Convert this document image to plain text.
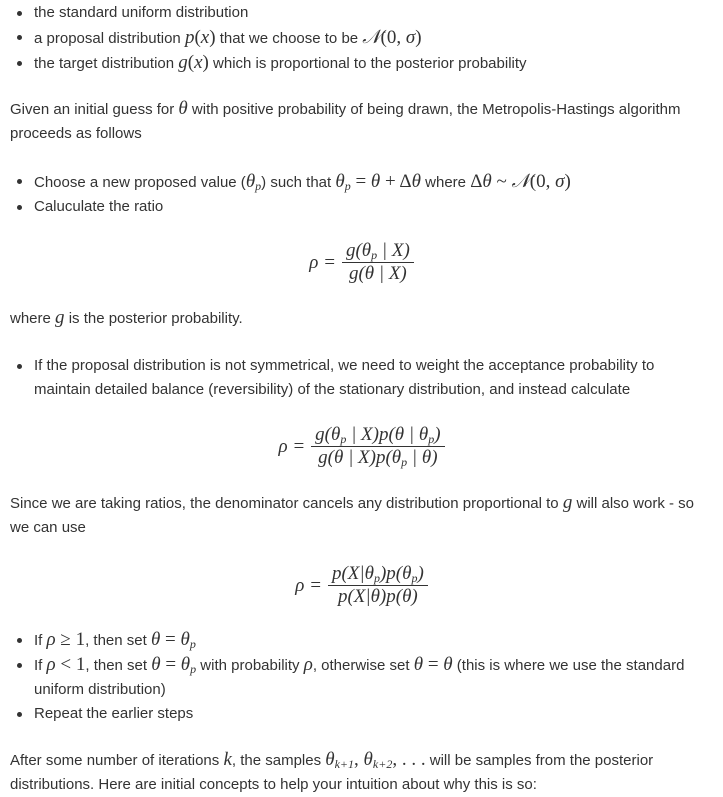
the standard uniform distribution
a proposal distribution p(x) that we choose to be 𝒩(0, σ)
the target distribution g(x) which is proportional to the posterior probability

Given an initial guess for θ with positive probability of being drawn, the Metropolis-Hastings algorithm proceeds as follows

Choose a new proposed value $(\theta_p)$ such that $\theta_p = \theta + \Delta\theta$ where Δθ ~ 𝒩(0, σ)
Caluculate the ratio
$\rho = \frac{g(\theta_p | X)}{g(\theta | X)}$

where g is the posterior probability.

If the proposal distribution is not symmetrical, we need to weight the acceptance probability to maintain detailed balance (reversibility) of the stationary distribution, and instead calculate
$\rho = \frac{g(\theta_p | X)p(\theta | \theta_p)}{g(\theta | X)p(\theta_p | \theta)}$

Since we are taking ratios, the denominator cancels any distribution proportional to g will also work - so we can use

$\rho = \frac{p(X|\theta_p)p(\theta_p)}{p(X|\theta)p(\theta)}$
If ρ ≥ 1, then set $\theta = \theta_p$
If ρ < 1, then set $\theta = \theta_p$ with probability ρ, otherwise set θ = θ (this is where we use the standard uniform distribution)
Repeat the earlier steps

After some number of iterations k, the samples $\theta_{k+1}$, $\theta_{k+2}$, . . . will be samples from the posterior distributions. Here are initial concepts to help your intuition about why this is so:
